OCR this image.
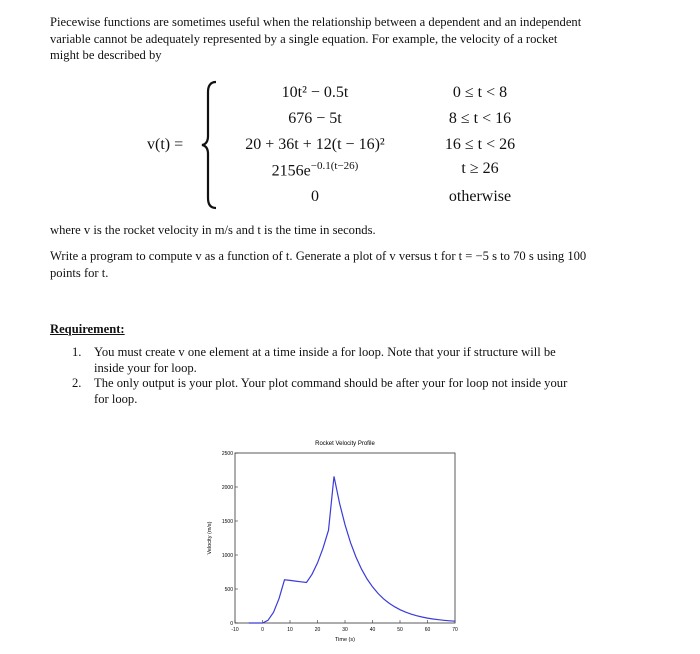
Piecewise functions are sometimes useful when the relationship between a dependent and an independent
variable cannot be adequately represented by a single equation. For example, the velocity of a rocket
might be described by
v(t) =
10t² − 0.5t	0 ≤ t < 8
676 − 5t	8 ≤ t < 16
20 + 36t + 12(t − 16)²	16 ≤ t < 26
$2156e^{-0.1(t-26)}$	t ≥ 26
0	otherwise
where v is the rocket velocity in m/s and t is the time in seconds.
Write a program to compute v as a function of t. Generate a plot of v versus t for t = −5 s to 70 s using 100
points for t.
Requirement:
1. You must create v one element at a time inside a for loop. Note that your if structure will be
inside your for loop.
2. The only output is your plot. Your plot command should be after your for loop not inside your
for loop.
Rocket Velocity Profile
-10	0	10	20	30	40	50	60	70
0
500
1000
1500
2000
2500
Time (s)
Velocity (m/s)
